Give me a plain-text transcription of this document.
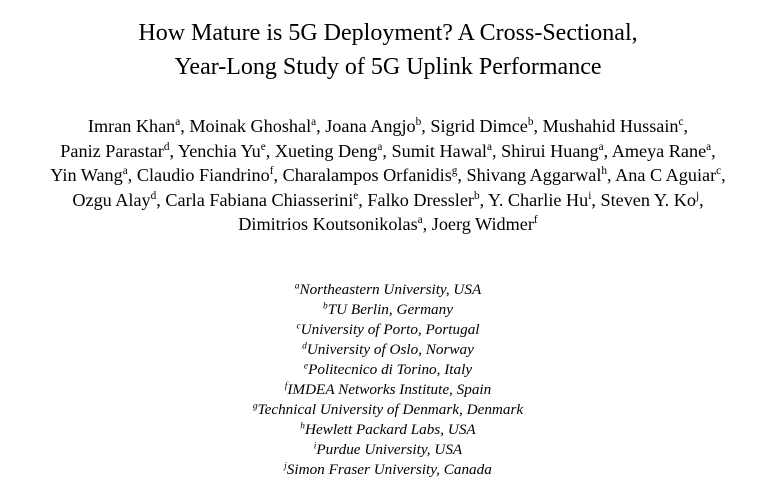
How Mature is 5G Deployment? A Cross-Sectional,
Year-Long Study of 5G Uplink Performance
Imran Khan$^a$, Moinak Ghoshal$^a$, Joana Angjo$^b$, Sigrid Dimce$^b$, Mushahid Hussain$^c$, Paniz Parastar$^d$, Yenchia Yu$^e$, Xueting Deng$^a$, Sumit Hawal$^a$, Shirui Huang$^a$, Ameya Rane$^a$, Yin Wang$^a$, Claudio Fiandrino$^f$, Charalampos Orfanidis$^g$, Shivang Aggarwal$^h$, Ana C Aguiar$^c$, Ozgu Alay$^d$, Carla Fabiana Chiasserini$^e$, Falko Dressler$^b$, Y. Charlie Hu$^i$, Steven Y. Ko$^j$, Dimitrios Koutsonikolas$^a$, Joerg Widmer$^f$
$^a$Northeastern University, USA
$^b$TU Berlin, Germany
$^c$University of Porto, Portugal
$^d$University of Oslo, Norway
$^e$Politecnico di Torino, Italy
$^f$IMDEA Networks Institute, Spain
$^g$Technical University of Denmark, Denmark
$^h$Hewlett Packard Labs, USA
$^i$Purdue University, USA
$^j$Simon Fraser University, Canada
